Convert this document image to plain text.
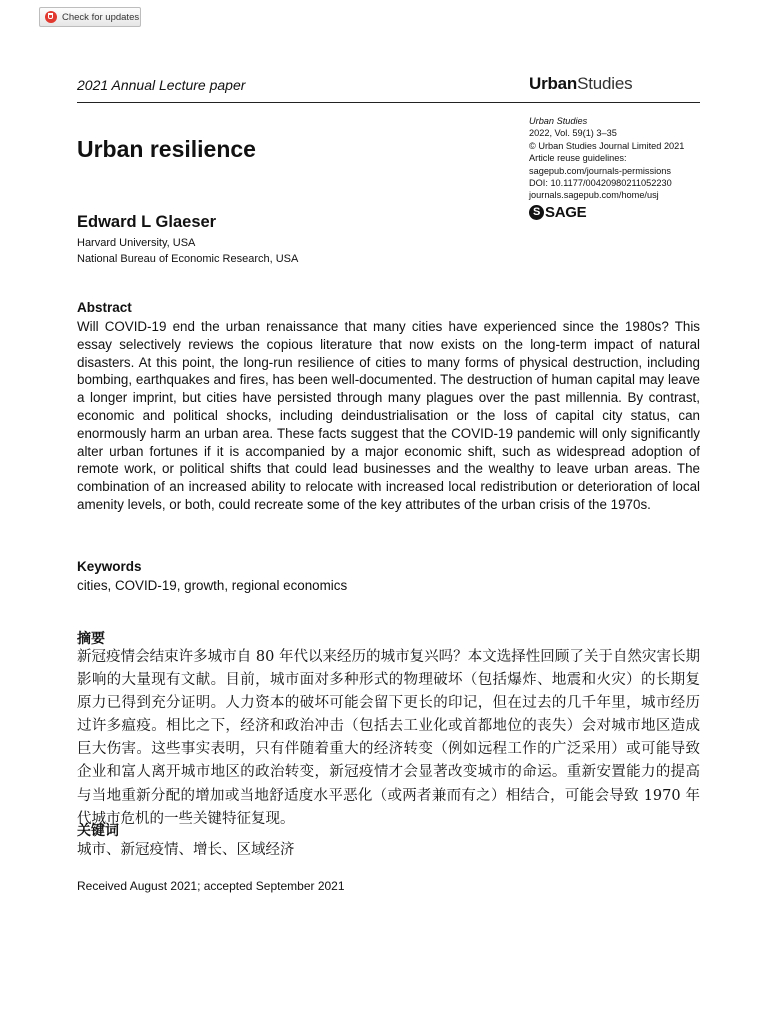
Check for updates
2021 Annual Lecture paper	UrbanStudies
Urban Studies
2022, Vol. 59(1) 3–35
© Urban Studies Journal Limited 2021
Article reuse guidelines:
sagepub.com/journals-permissions
DOI: 10.1177/00420980211052230
journals.sagepub.com/home/usj
S SAGE
Urban resilience
Edward L Glaeser
Harvard University, USA
National Bureau of Economic Research, USA
Abstract

Will COVID-19 end the urban renaissance that many cities have experienced since the 1980s? This essay selectively reviews the copious literature that now exists on the long-term impact of natural disasters. At this point, the long-run resilience of cities to many forms of physical destruction, including bombing, earthquakes and fires, has been well-documented. The destruction of human capital may leave a longer imprint, but cities have persisted through many plagues over the past millennia. By contrast, economic and political shocks, including deindustrialisation or the loss of capital city status, can enormously harm an urban area. These facts suggest that the COVID-19 pandemic will only significantly alter urban fortunes if it is accompanied by a major economic shift, such as widespread adoption of remote work, or political shifts that could lead businesses and the wealthy to leave urban areas. The combination of an increased ability to relocate with increased local redistribution or deterioration of local amenity levels, or both, could recreate some of the key attributes of the urban crisis of the 1970s.

Keywords
cities, COVID-19, growth, regional economics
摘要

新冠疫情会结束许多城市自 80 年代以来经历的城市复兴吗？本文选择性回顾了关于自然灾害长期影响的大量现有文献。目前，城市面对多种形式的物理破坏（包括爆炸、地震和火灾）的长期复原力已得到充分证明。人力资本的破坏可能会留下更长的印记，但在过去的几千年里，城市经历过许多瘟疫。相比之下，经济和政治冲击（包括去工业化或首都地位的丧失）会对城市地区造成巨大伤害。这些事实表明，只有伴随着重大的经济转变（例如远程工作的广泛采用）或可能导致企业和富人离开城市地区的政治转变，新冠疫情才会显著改变城市的命运。重新安置能力的提高与当地重新分配的增加或当地舒适度水平恶化（或两者兼而有之）相结合，可能会导致 1970 年代城市危机的一些关键特征复现。

关键词
城市、新冠疫情、增长、区域经济
Received August 2021; accepted September 2021
